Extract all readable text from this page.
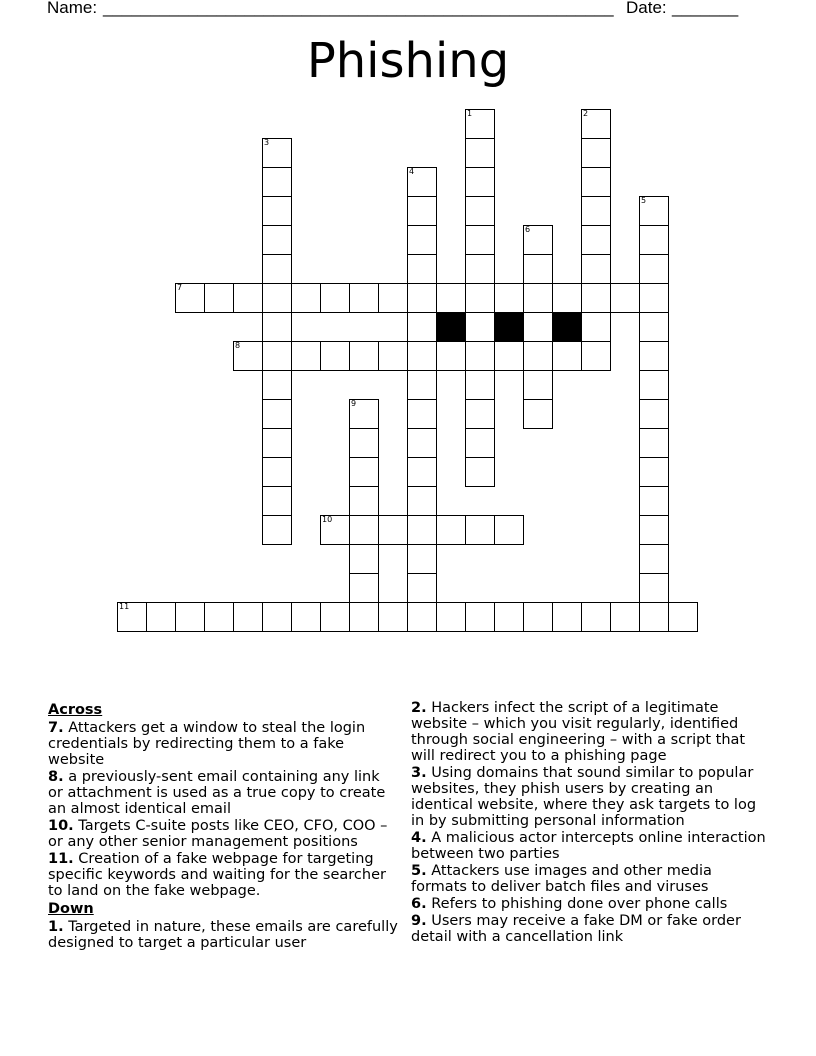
Name: ______________________________________________________ Date: _______
Phishing
1	2
3
4
5
6
7
8
9
10
11
Across
7. Attackers get a window to steal the login credentials by redirecting them to a fake website
8. a previously-sent email containing any link or attachment is used as a true copy to create an almost identical email
10. Targets C-suite posts like CEO, CFO, COO – or any other senior management positions
11. Creation of a fake webpage for targeting specific keywords and waiting for the searcher to land on the fake webpage.
Down
1. Targeted in nature, these emails are carefully designed to target a particular user
2. Hackers infect the script of a legitimate website – which you visit regularly, identified through social engineering – with a script that will redirect you to a phishing page
3. Using domains that sound similar to popular websites, they phish users by creating an identical website, where they ask targets to log in by submitting personal information
4. A malicious actor intercepts online interaction between two parties
5. Attackers use images and other media formats to deliver batch files and viruses
6. Refers to phishing done over phone calls
9. Users may receive a fake DM or fake order detail with a cancellation link
